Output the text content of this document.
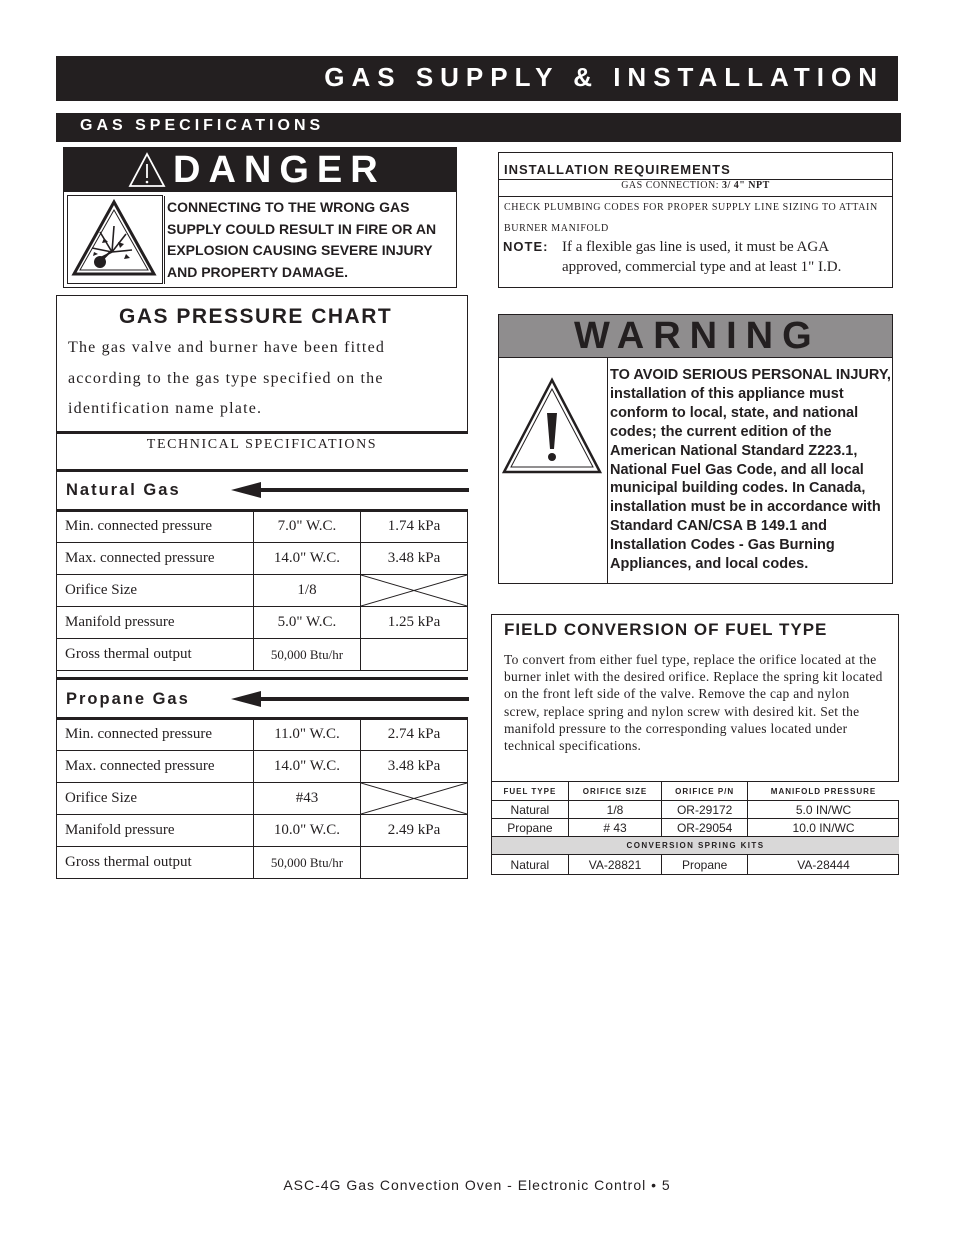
GAS SUPPLY & INSTALLATION
GAS SPECIFICATIONS
DANGER
CONNECTING TO THE WRONG GAS SUPPLY COULD RESULT IN FIRE OR AN EXPLOSION CAUSING SEVERE INJURY AND PROPERTY DAMAGE.
GAS PRESSURE CHART
The gas valve and burner have been fitted according to the gas type specified on the identification name plate.
TECHNICAL SPECIFICATIONS
Natural Gas
Min. connected pressure	7.0" W.C.	1.74 kPa
Max. connected pressure	14.0" W.C.	3.48 kPa
Orifice Size	1/8	

Manifold pressure	5.0" W.C.	1.25 kPa
Gross thermal output	50,000 Btu/hr	
Propane Gas
Min. connected pressure	11.0" W.C.	2.74 kPa
Max. connected pressure	14.0" W.C.	3.48 kPa
Orifice Size	#43	

Manifold pressure	10.0" W.C.	2.49 kPa
Gross thermal output	50,000 Btu/hr	
INSTALLATION REQUIREMENTS
GAS CONNECTION: 3/ 4" NPT
CHECK PLUMBING CODES FOR PROPER SUPPLY LINE SIZING TO ATTAIN BURNER MANIFOLD
NOTE: If a flexible gas line is used, it must be AGA approved, commercial type and at least 1" I.D.
WARNING
TO AVOID SERIOUS PERSONAL INJURY, installation of this appliance must conform to local, state, and national codes; the current edition of the American National Standard Z223.1, National Fuel Gas Code, and all local municipal building codes. In Canada, installation must be in accordance with Standard CAN/CSA B 149.1 and Installation Codes - Gas Burning Appliances, and local codes.
FIELD CONVERSION OF FUEL TYPE
To convert from either fuel type, replace the orifice located at the burner inlet with the desired orifice. Replace the spring kit located on the front left side of the valve. Remove the cap and nylon screw, replace spring and nylon screw with desired kit. Set the manifold pressure to the corresponding values located under technical specifications.
FUEL TYPE	ORIFICE SIZE	ORIFICE P/N	MANIFOLD PRESSURE
Natural	1/8	OR-29172	5.0 IN/WC
Propane	# 43	OR-29054	10.0 IN/WC
CONVERSION SPRING KITS			
Natural	VA-28821	Propane	VA-28444
ASC-4G Gas Convection Oven - Electronic Control • 5
